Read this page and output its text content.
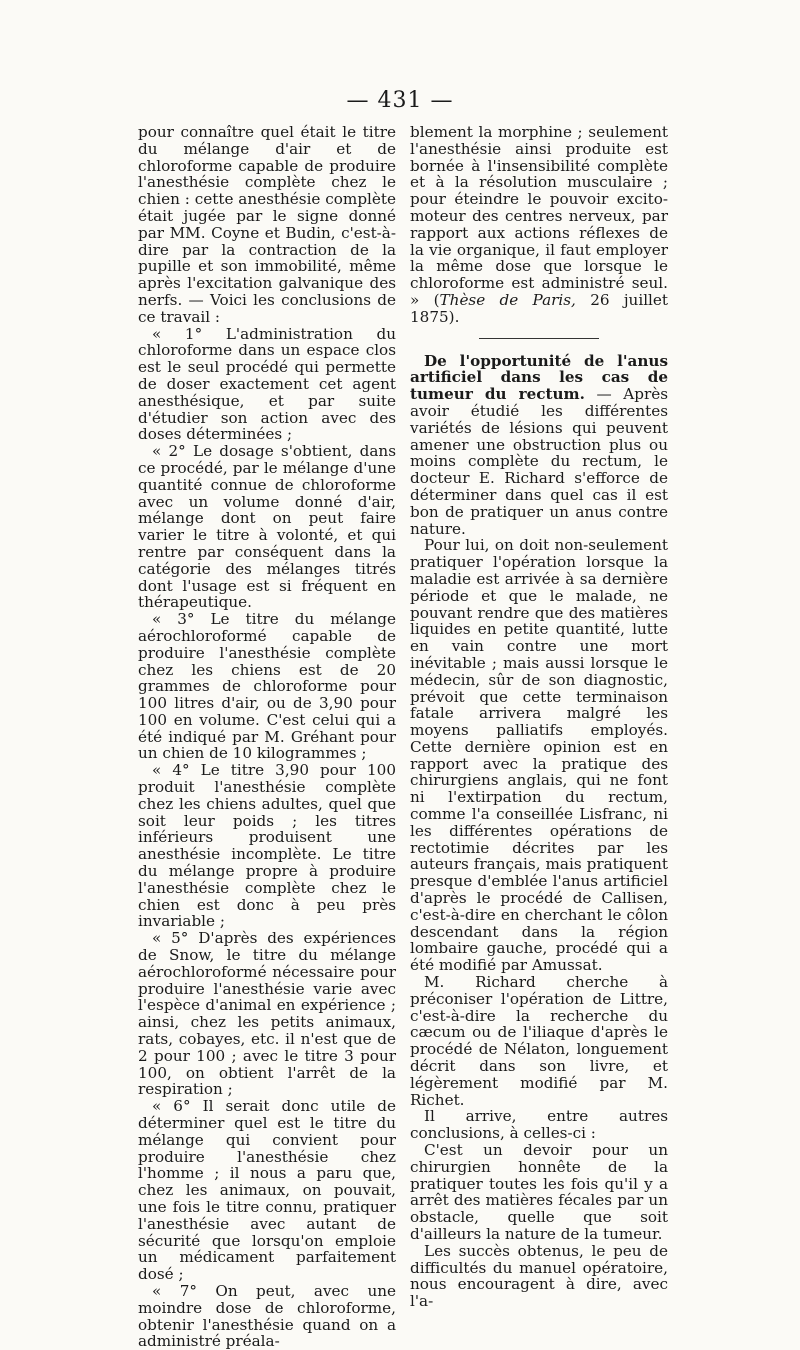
— 431 —

pour connaître quel était le titre du mélange d'air et de chloroforme capable de produire l'anesthésie complète chez le chien : cette anesthésie complète était jugée par le signe donné par MM. Coyne et Budin, c'est-à-dire par la contraction de la pupille et son immobilité, même après l'excitation galvanique des nerfs. — Voici les conclusions de ce travail :

« 1° L'administration du chloroforme dans un espace clos est le seul procédé qui permette de doser exactement cet agent anesthésique, et par suite d'étudier son action avec des doses déterminées ;

« 2° Le dosage s'obtient, dans ce procédé, par le mélange d'une quantité connue de chloroforme avec un volume donné d'air, mélange dont on peut faire varier le titre à volonté, et qui rentre par conséquent dans la catégorie des mélanges titrés dont l'usage est si fréquent en thérapeutique.

« 3° Le titre du mélange aérochloroformé capable de produire l'anesthésie complète chez les chiens est de 20 grammes de chloroforme pour 100 litres d'air, ou de 3,90 pour 100 en volume. C'est celui qui a été indiqué par M. Gréhant pour un chien de 10 kilogrammes ;

« 4° Le titre 3,90 pour 100 produit l'anesthésie complète chez les chiens adultes, quel que soit leur poids ; les titres inférieurs produisent une anesthésie incomplète. Le titre du mélange propre à produire l'anesthésie complète chez le chien est donc à peu près invariable ;

« 5° D'après des expériences de Snow, le titre du mélange aérochloroformé nécessaire pour produire l'anesthésie varie avec l'espèce d'animal en expérience ; ainsi, chez les petits animaux, rats, cobayes, etc. il n'est que de 2 pour 100 ; avec le titre 3 pour 100, on obtient l'arrêt de la respiration ;

« 6° Il serait donc utile de déterminer quel est le titre du mélange qui convient pour produire l'anesthésie chez l'homme ; il nous a paru que, chez les animaux, on pouvait, une fois le titre connu, pratiquer l'anesthésie avec autant de sécurité que lorsqu'on emploie un médicament parfaitement dosé ;

« 7° On peut, avec une moindre dose de chloroforme, obtenir l'anesthésie quand on a administré préala-

blement la morphine ; seulement l'anesthésie ainsi produite est bornée à l'insensibilité complète et à la résolution musculaire ; pour éteindre le pouvoir excito-moteur des centres nerveux, par rapport aux actions réflexes de la vie organique, il faut employer la même dose que lorsque le chloroforme est administré seul. » (Thèse de Paris, 26 juillet 1875).

De l'opportunité de l'anus artificiel dans les cas de tumeur du rectum. — Après avoir étudié les différentes variétés de lésions qui peuvent amener une obstruction plus ou moins complète du rectum, le docteur E. Richard s'efforce de déterminer dans quel cas il est bon de pratiquer un anus contre nature.

Pour lui, on doit non-seulement pratiquer l'opération lorsque la maladie est arrivée à sa dernière période et que le malade, ne pouvant rendre que des matières liquides en petite quantité, lutte en vain contre une mort inévitable ; mais aussi lorsque le médecin, sûr de son diagnostic, prévoit que cette terminaison fatale arrivera malgré les moyens palliatifs employés. Cette dernière opinion est en rapport avec la pratique des chirurgiens anglais, qui ne font ni l'extirpation du rectum, comme l'a conseillée Lisfranc, ni les différentes opérations de rectotimie décrites par les auteurs français, mais pratiquent presque d'emblée l'anus artificiel d'après le procédé de Callisen, c'est-à-dire en cherchant le côlon descendant dans la région lombaire gauche, procédé qui a été modifié par Amussat.

M. Richard cherche à préconiser l'opération de Littre, c'est-à-dire la recherche du cæcum ou de l'iliaque d'après le procédé de Nélaton, longuement décrit dans son livre, et légèrement modifié par M. Richet.

Il arrive, entre autres conclusions, à celles-ci :

C'est un devoir pour un chirurgien honnête de la pratiquer toutes les fois qu'il y a arrêt des matières fécales par un obstacle, quelle que soit d'ailleurs la nature de la tumeur.

Les succès obtenus, le peu de difficultés du manuel opératoire, nous encouragent à dire, avec l'a-
